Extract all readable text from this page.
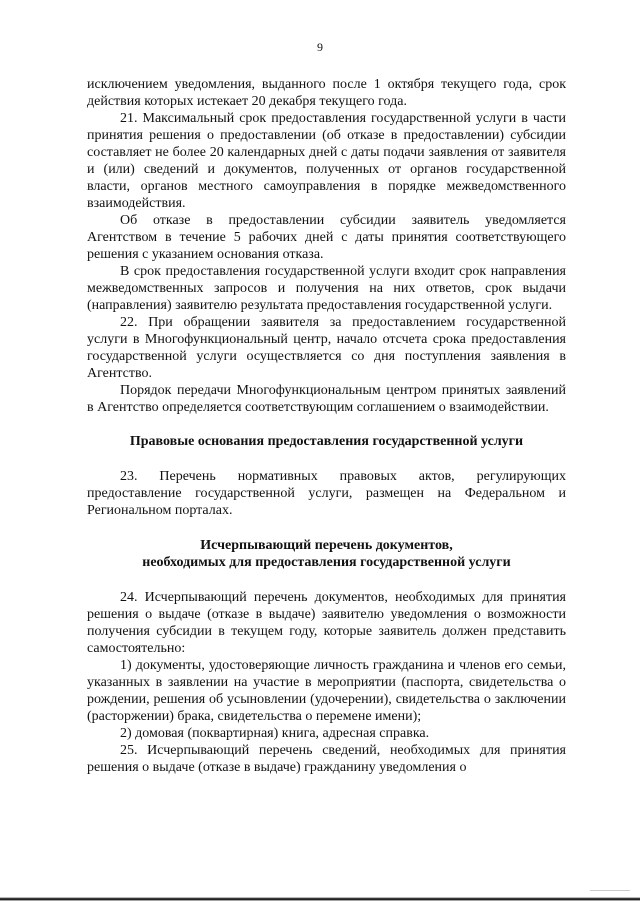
9

исключением уведомления, выданного после 1 октября текущего года, срок действия которых истекает 20 декабря текущего года.

21. Максимальный срок предоставления государственной услуги в части принятия решения о предоставлении (об отказе в предоставлении) субсидии составляет не более 20 календарных дней с даты подачи заявления от заявителя и (или) сведений и документов, полученных от органов государственной власти, органов местного самоуправления в порядке межведомственного взаимодействия.

Об отказе в предоставлении субсидии заявитель уведомляется Агентством в течение 5 рабочих дней с даты принятия соответствующего решения с указанием основания отказа.

В срок предоставления государственной услуги входит срок направления межведомственных запросов и получения на них ответов, срок выдачи (направления) заявителю результата предоставления государственной услуги.

22. При обращении заявителя за предоставлением государственной услуги в Многофункциональный центр, начало отсчета срока предоставления государственной услуги осуществляется со дня поступления заявления в Агентство.

Порядок передачи Многофункциональным центром принятых заявлений в Агентство определяется соответствующим соглашением о взаимодействии.

Правовые основания предоставления государственной услуги

23. Перечень нормативных правовых актов, регулирующих предоставление государственной услуги, размещен на Федеральном и Региональном порталах.

Исчерпывающий перечень документов,
необходимых для предоставления государственной услуги

24. Исчерпывающий перечень документов, необходимых для принятия решения о выдаче (отказе в выдаче) заявителю уведомления о возможности получения субсидии в текущем году, которые заявитель должен представить самостоятельно:

1) документы, удостоверяющие личность гражданина и членов его семьи, указанных в заявлении на участие в мероприятии (паспорта, свидетельства о рождении, решения об усыновлении (удочерении), свидетельства о заключении (расторжении) брака, свидетельства о перемене имени);

2) домовая (поквартирная) книга, адресная справка.

25. Исчерпывающий перечень сведений, необходимых для принятия решения о выдаче (отказе в выдаче) гражданину уведомления о
